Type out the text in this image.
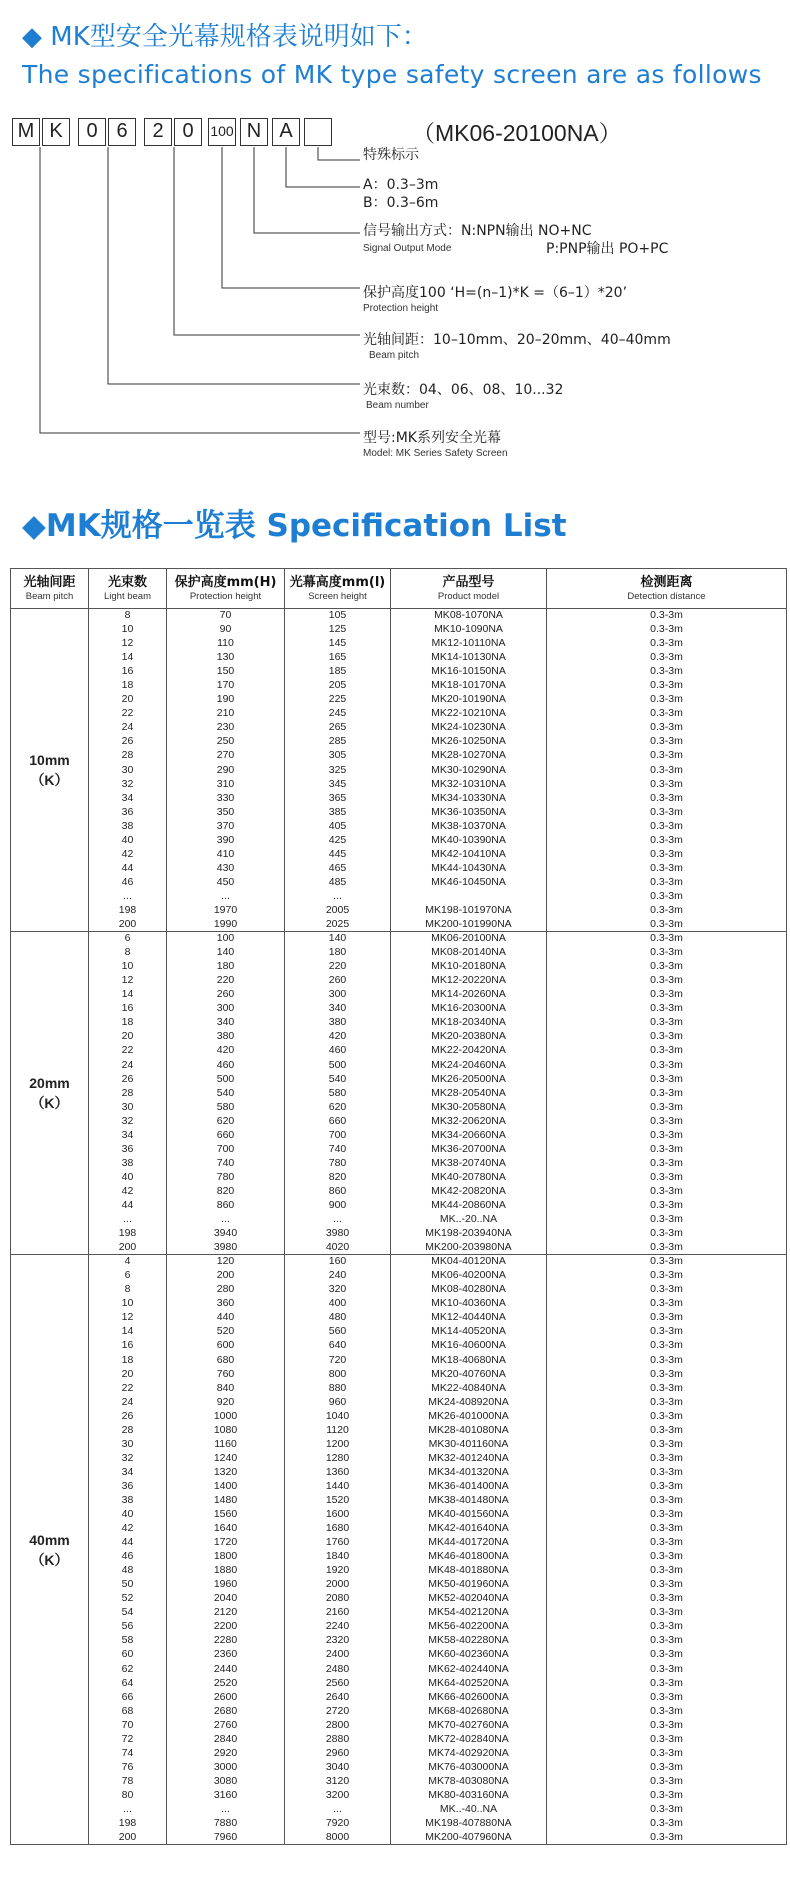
◆ MK型安全光幕规格表说明如下：
The specifications of MK type safety screen are as follows
M K	0 6	2 0	100 N A	（MK06-20100NA）
特殊标示
A：0.3–3m
B：0.3–6m
信号输出方式：N:NPN输出 NO+NC
P:PNP输出 PO+PC
Signal Output Mode
保护高度100 ‘H=(n–1)*K =（6–1）*20’
Protection height
光轴间距：10–10mm、20–20mm、40–40mm
Beam pitch
光束数：04、06、08、10...32
Beam number
型号:MK系列安全光幕
Model: MK Series Safety Screen
◆MK规格一览表 Specification List
光轴间距
Beam pitch	光束数
Light beam	保护高度mm(H)
Protection height	光幕高度mm(l)
Screen height	产品型号
Product model	检测距离
Detection distance

10mm
（K）	8	70	105	MK08-1070NA	0.3-3m
	10	90	125	MK10-1090NA	0.3-3m
	12	110	145	MK12-10110NA	0.3-3m
	14	130	165	MK14-10130NA	0.3-3m
	16	150	185	MK16-10150NA	0.3-3m
	18	170	205	MK18-10170NA	0.3-3m
	20	190	225	MK20-10190NA	0.3-3m
	22	210	245	MK22-10210NA	0.3-3m
	24	230	265	MK24-10230NA	0.3-3m
	26	250	285	MK26-10250NA	0.3-3m
	28	270	305	MK28-10270NA	0.3-3m
	30	290	325	MK30-10290NA	0.3-3m
	32	310	345	MK32-10310NA	0.3-3m
	34	330	365	MK34-10330NA	0.3-3m
	36	350	385	MK36-10350NA	0.3-3m
	38	370	405	MK38-10370NA	0.3-3m
	40	390	425	MK40-10390NA	0.3-3m
	42	410	445	MK42-10410NA	0.3-3m
	44	430	465	MK44-10430NA	0.3-3m
	46	450	485	MK46-10450NA	0.3-3m
	...	...	...		0.3-3m
	198	1970	2005	MK198-101970NA	0.3-3m
	200	1990	2025	MK200-101990NA	0.3-3m

20mm
（K）	6	100	140	MK06-20100NA	0.3-3m
	8	140	180	MK08-20140NA	0.3-3m
	10	180	220	MK10-20180NA	0.3-3m
	12	220	260	MK12-20220NA	0.3-3m
	14	260	300	MK14-20260NA	0.3-3m
	16	300	340	MK16-20300NA	0.3-3m
	18	340	380	MK18-20340NA	0.3-3m
	20	380	420	MK20-20380NA	0.3-3m
	22	420	460	MK22-20420NA	0.3-3m
	24	460	500	MK24-20460NA	0.3-3m
	26	500	540	MK26-20500NA	0.3-3m
	28	540	580	MK28-20540NA	0.3-3m
	30	580	620	MK30-20580NA	0.3-3m
	32	620	660	MK32-20620NA	0.3-3m
	34	660	700	MK34-20660NA	0.3-3m
	36	700	740	MK36-20700NA	0.3-3m
	38	740	780	MK38-20740NA	0.3-3m
	40	780	820	MK40-20780NA	0.3-3m
	42	820	860	MK42-20820NA	0.3-3m
	44	860	900	MK44-20860NA	0.3-3m
	...	...	...	MK..-20..NA	0.3-3m
	198	3940	3980	MK198-203940NA	0.3-3m
	200	3980	4020	MK200-203980NA	0.3-3m

40mm
（K）	4	120	160	MK04-40120NA	0.3-3m
	6	200	240	MK06-40200NA	0.3-3m
	8	280	320	MK08-40280NA	0.3-3m
	10	360	400	MK10-40360NA	0.3-3m
	12	440	480	MK12-40440NA	0.3-3m
	14	520	560	MK14-40520NA	0.3-3m
	16	600	640	MK16-40600NA	0.3-3m
	18	680	720	MK18-40680NA	0.3-3m
	20	760	800	MK20-40760NA	0.3-3m
	22	840	880	MK22-40840NA	0.3-3m
	24	920	960	MK24-408920NA	0.3-3m
	26	1000	1040	MK26-401000NA	0.3-3m
	28	1080	1120	MK28-401080NA	0.3-3m
	30	1160	1200	MK30-401160NA	0.3-3m
	32	1240	1280	MK32-401240NA	0.3-3m
	34	1320	1360	MK34-401320NA	0.3-3m
	36	1400	1440	MK36-401400NA	0.3-3m
	38	1480	1520	MK38-401480NA	0.3-3m
	40	1560	1600	MK40-401560NA	0.3-3m
	42	1640	1680	MK42-401640NA	0.3-3m
	44	1720	1760	MK44-401720NA	0.3-3m
	46	1800	1840	MK46-401800NA	0.3-3m
	48	1880	1920	MK48-401880NA	0.3-3m
	50	1960	2000	MK50-401960NA	0.3-3m
	52	2040	2080	MK52-402040NA	0.3-3m
	54	2120	2160	MK54-402120NA	0.3-3m
	56	2200	2240	MK56-402200NA	0.3-3m
	58	2280	2320	MK58-402280NA	0.3-3m
	60	2360	2400	MK60-402360NA	0.3-3m
	62	2440	2480	MK62-402440NA	0.3-3m
	64	2520	2560	MK64-402520NA	0.3-3m
	66	2600	2640	MK66-402600NA	0.3-3m
	68	2680	2720	MK68-402680NA	0.3-3m
	70	2760	2800	MK70-402760NA	0.3-3m
	72	2840	2880	MK72-402840NA	0.3-3m
	74	2920	2960	MK74-402920NA	0.3-3m
	76	3000	3040	MK76-403000NA	0.3-3m
	78	3080	3120	MK78-403080NA	0.3-3m
	80	3160	3200	MK80-403160NA	0.3-3m
	...	...	...	MK..-40..NA	0.3-3m
	198	7880	7920	MK198-407880NA	0.3-3m
	200	7960	8000	MK200-407960NA	0.3-3m
